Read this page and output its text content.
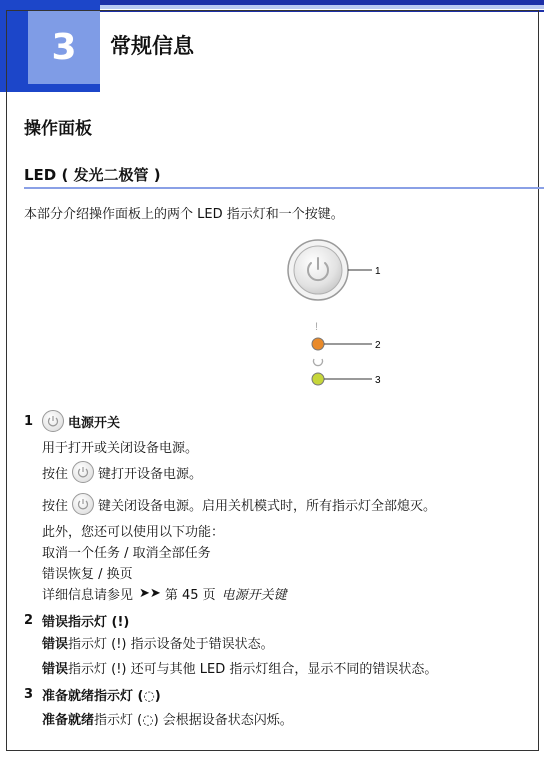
3	常规信息
操作面板
LED ( 发光二极管 )
本部分介绍操作面板上的两个 LED 指示灯和一个按键。
1
!
2
3
1	电源开关
用于打开或关闭设备电源。
按住 键打开设备电源。
按住 键关闭设备电源。启用关机模式时，所有指示灯全部熄灭。
此外，您还可以使用以下功能：
取消一个任务 / 取消全部任务
错误恢复 / 换页
详细信息请参见 ➤➤ 第 45 页 电源开关键
2 错误指示灯 (!)
错误 指示灯 (!) 指示设备处于错误状态。
错误 指示灯 (!) 还可与其他 LED 指示灯组合，显示不同的错误状态。
3 准备就绪指示灯 (◌)
准备就绪 指示灯 (◌) 会根据设备状态闪烁。
